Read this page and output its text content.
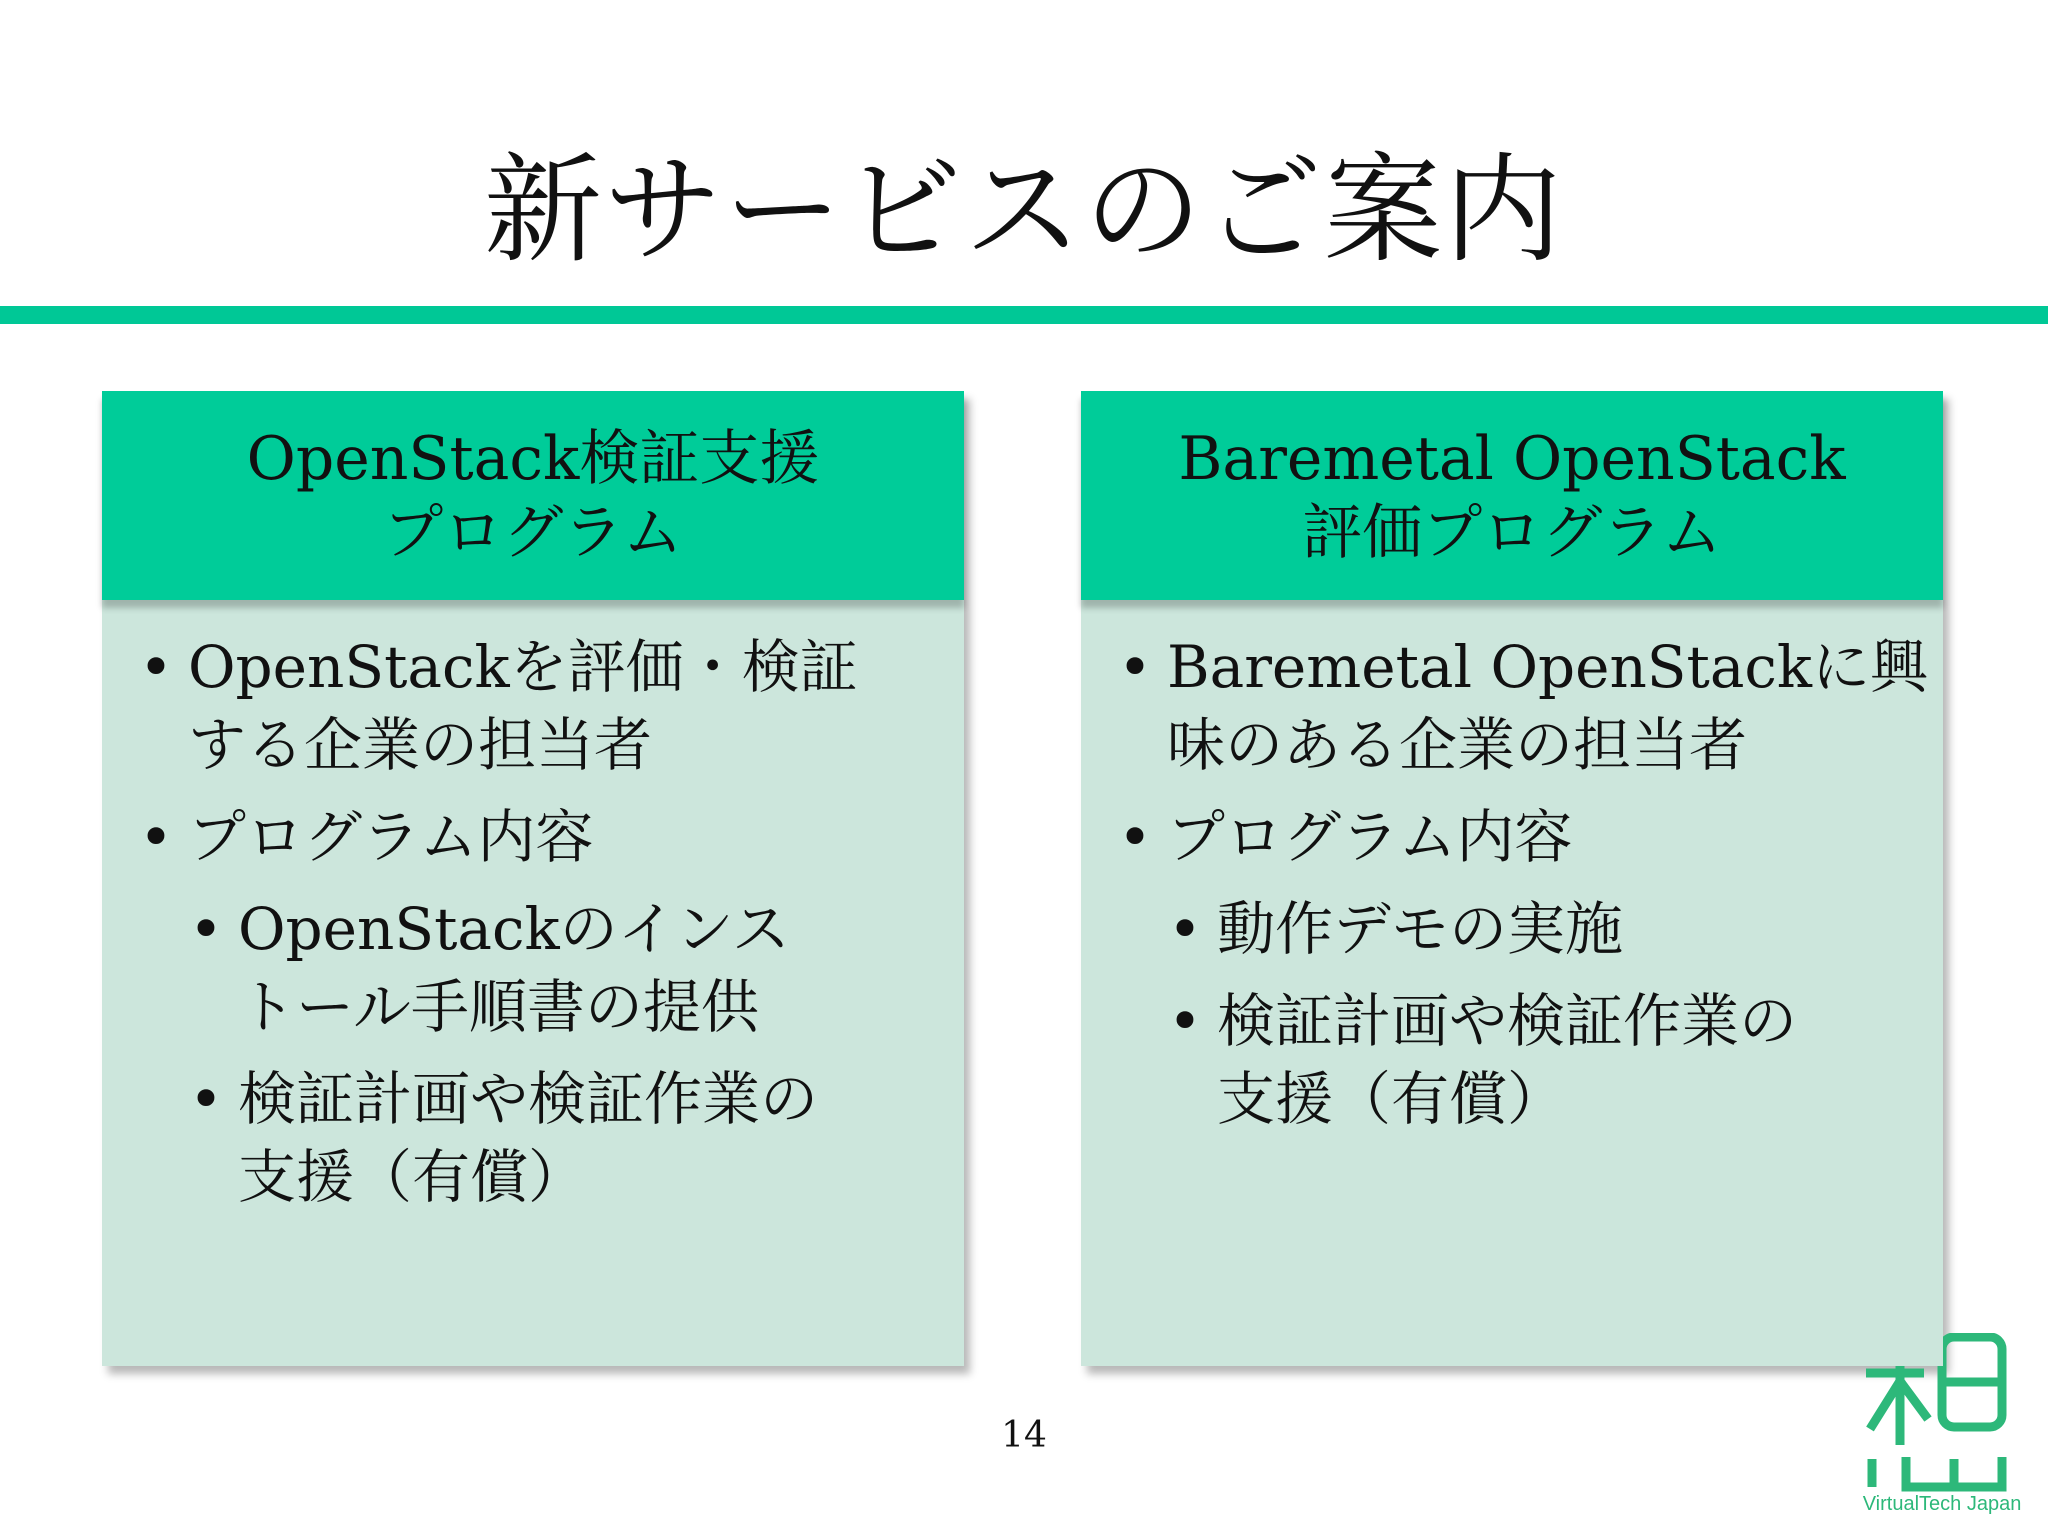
新サービスのご案内
OpenStack検証支援
プログラム
• OpenStackを評価・検証
する企業の担当者
• プログラム内容
• OpenStackのインス
トール手順書の提供
• 検証計画や検証作業の
支援（有償）
Baremetal OpenStack
評価プログラム
• Baremetal OpenStackに興
味のある企業の担当者
• プログラム内容
• 動作デモの実施
• 検証計画や検証作業の
支援（有償）
14
VirtualTech Japan
